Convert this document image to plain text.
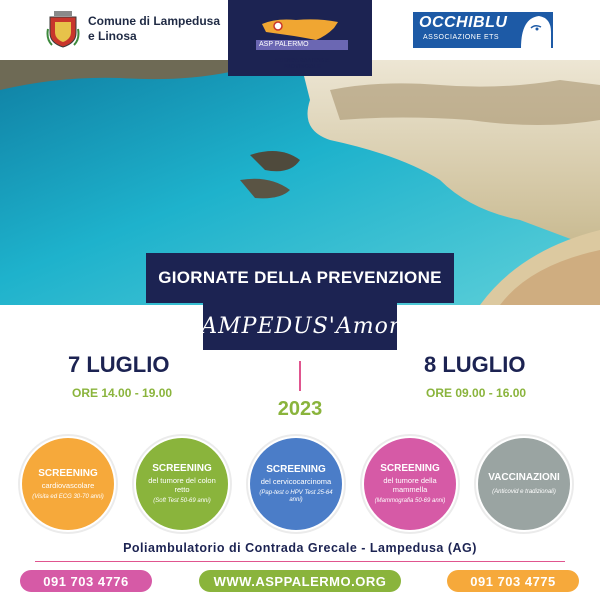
Comune di Lampedusa e Linosa
ASP PALERMO
AZIENDA SANITARIA PROVINCIALE
OCCHIBLU
ASSOCIAZIONE ETS
GIORNATE DELLA PREVENZIONE
LAMPEDUS'Amore
7 LUGLIO
ORE 14.00 - 19.00
8 LUGLIO
ORE 09.00 - 16.00
2023
SCREENING
cardiovascolare
(Visita ed ECG 30-70 anni)
SCREENING
del tumore del colon retto
(Soft Test 50-69 anni)
SCREENING
del cervicocarcinoma
(Pap-test o HPV Test 25-64 anni)
SCREENING
del tumore della mammella
(Mammografia 50-69 anni)
VACCINAZIONI
(Anticovid e tradizionali)
Poliambulatorio di Contrada Grecale - Lampedusa (AG)
091 703 4776	WWW.ASPPALERMO.ORG	091 703 4775
